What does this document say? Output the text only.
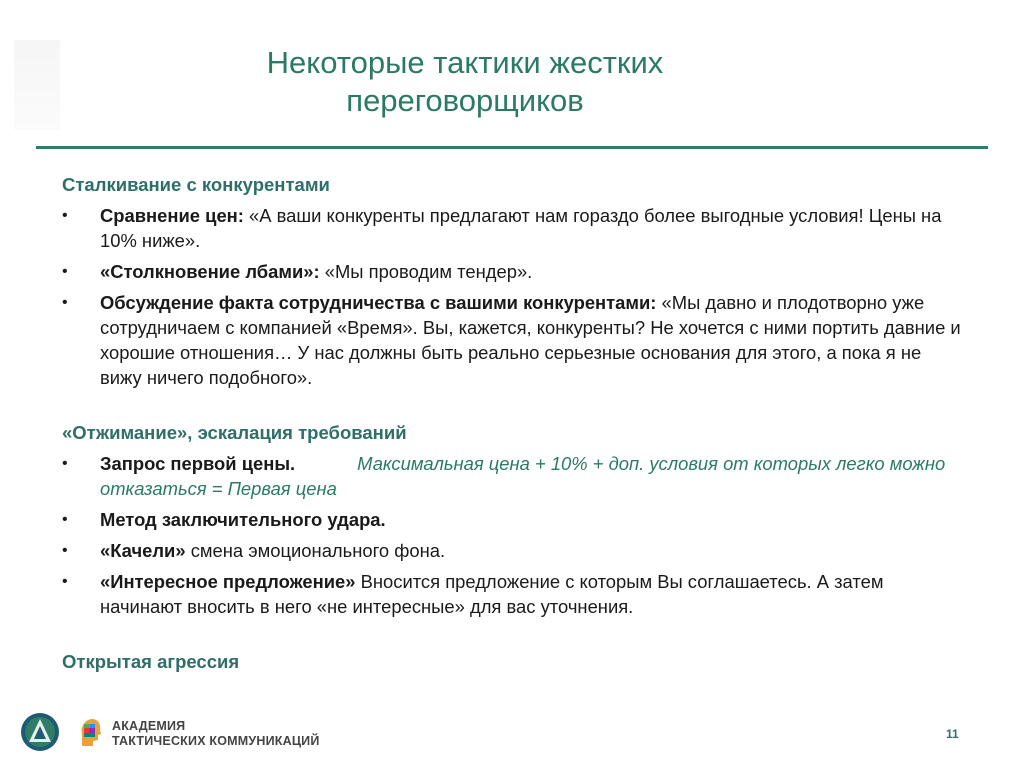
Некоторые тактики жестких
переговорщиков
Сталкивание с конкурентами
• Сравнение цен: «А ваши конкуренты предлагают нам гораздо более выгодные условия! Цены на 10% ниже».
• «Столкновение лбами»: «Мы проводим тендер».
• Обсуждение факта сотрудничества с вашими конкурентами: «Мы давно и плодотворно уже сотрудничаем с компанией «Время». Вы, кажется, конкуренты? Не хочется с ними портить давние и хорошие отношения… У нас должны быть реально серьезные основания для этого, а пока я не вижу ничего подобного».
«Отжимание», эскалация требований
• Запрос первой цены.	Максимальная цена + 10% + доп. условия от которых легко можно отказаться = Первая цена
• Метод заключительного удара.
• «Качели» смена эмоционального фона.
• «Интересное предложение» Вносится предложение с которым Вы соглашаетесь. А затем начинают вносить в него «не интересные» для вас уточнения.
Открытая агрессия
АКАДЕМИЯ
ТАКТИЧЕСКИХ КОММУНИКАЦИЙ	11
